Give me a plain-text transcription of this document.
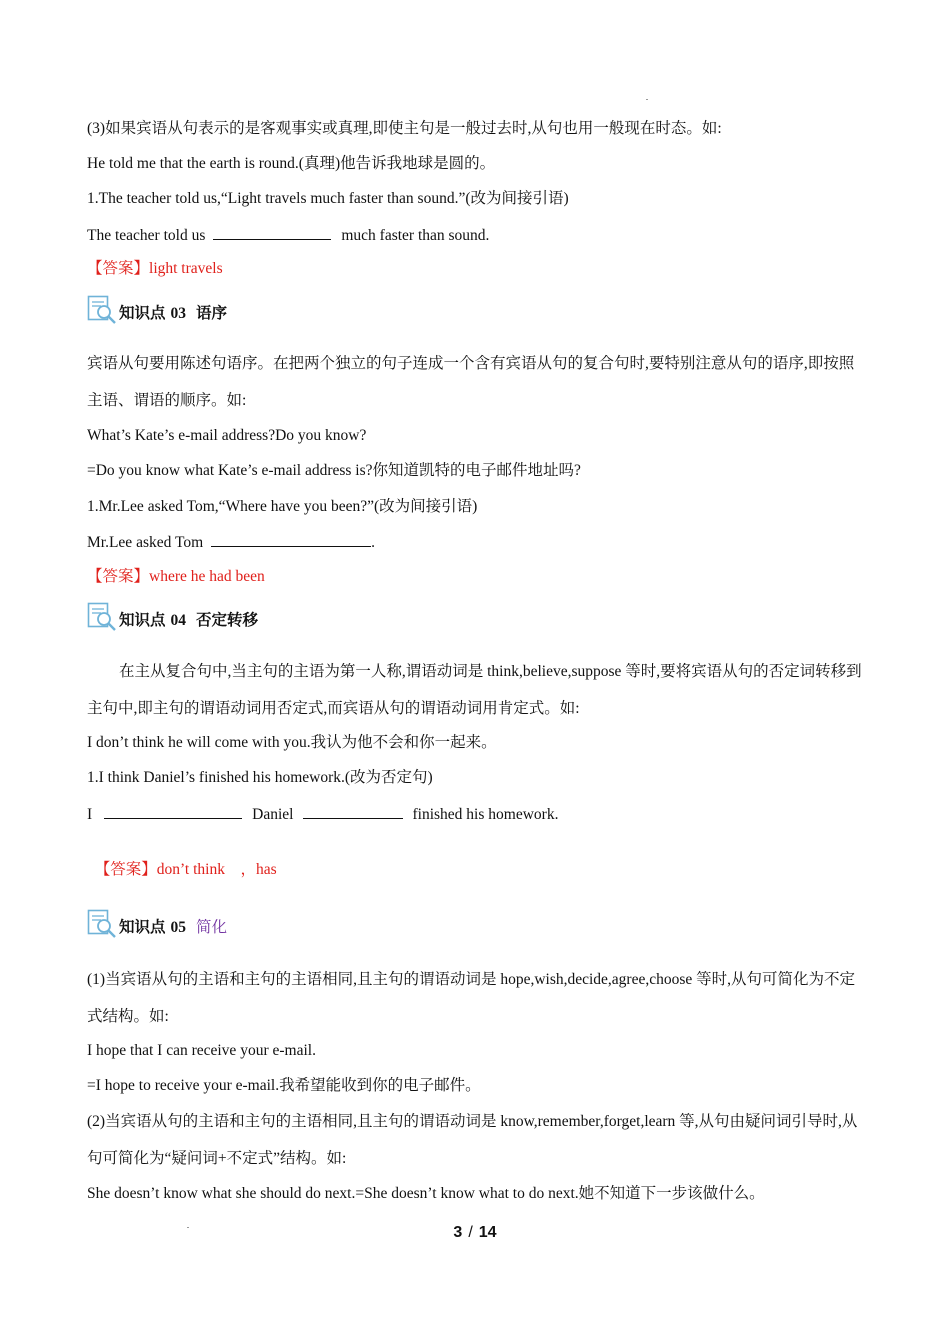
(3)如果宾语从句表示的是客观事实或真理,即使主句是一般过去时,从句也用一般现在时态。如:
He told me that the earth is round.(真理)他告诉我地球是圆的。
1.The teacher told us,“Light travels much faster than sound.”(改为间接引语)
The teacher told us	much faster than sound.
【答案】light travels
知识点 03 语序
宾语从句要用陈述句语序。在把两个独立的句子连成一个含有宾语从句的复合句时,要特别注意从句的语序,即按照主语、谓语的顺序。如:
What’s Kate’s e-mail address?Do you know?
=Do you know what Kate’s e-mail address is?你知道凯特的电子邮件地址吗?
1.Mr.Lee asked Tom,“Where have you been?”(改为间接引语)
Mr.Lee asked Tom	.
【答案】where he had been
知识点 04 否定转移
在主从复合句中,当主句的主语为第一人称,谓语动词是 think,believe,suppose 等时,要将宾语从句的否定词转移到主句中,即主句的谓语动词用否定式,而宾语从句的谓语动词用肯定式。如:
I don’t think he will come with you.我认为他不会和你一起来。
1.I think Daniel’s finished his homework.(改为否定句)
I	Daniel	finished his homework.

【答案】don’t think    ，has

知识点 05 简化
(1)当宾语从句的主语和主句的主语相同,且主句的谓语动词是 hope,wish,decide,agree,choose 等时,从句可简化为不定式结构。如:
I hope that I can receive your e-mail.
=I hope to receive your e-mail.我希望能收到你的电子邮件。
(2)当宾语从句的主语和主句的主语相同,且主句的谓语动词是 know,remember,forget,learn 等,从句由疑问词引导时,从句可简化为“疑问词+不定式”结构。如:
She doesn’t know what she should do next.=She doesn’t know what to do next.她不知道下一步该做什么。
3 / 14
